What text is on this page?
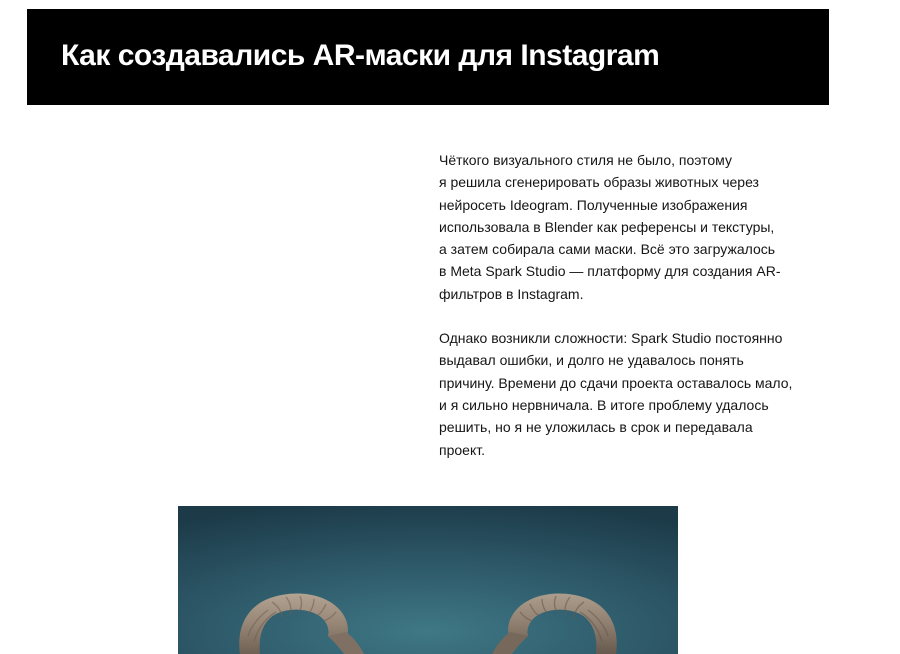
Как создавались AR-маски для Instagram

Чёткого визуального стиля не было, поэтому
я решила сгенерировать образы животных через
нейросеть Ideogram. Полученные изображения
использовала в Blender как референсы и текстуры,
а затем собирала сами маски. Всё это загружалось
в Meta Spark Studio — платформу для создания AR-
фильтров в Instagram.

Однако возникли сложности: Spark Studio постоянно
выдавал ошибки, и долго не удавалось понять
причину. Времени до сдачи проекта оставалось мало,
и я сильно нервничала. В итоге проблему удалось
решить, но я не уложилась в срок и передавала
проект.
